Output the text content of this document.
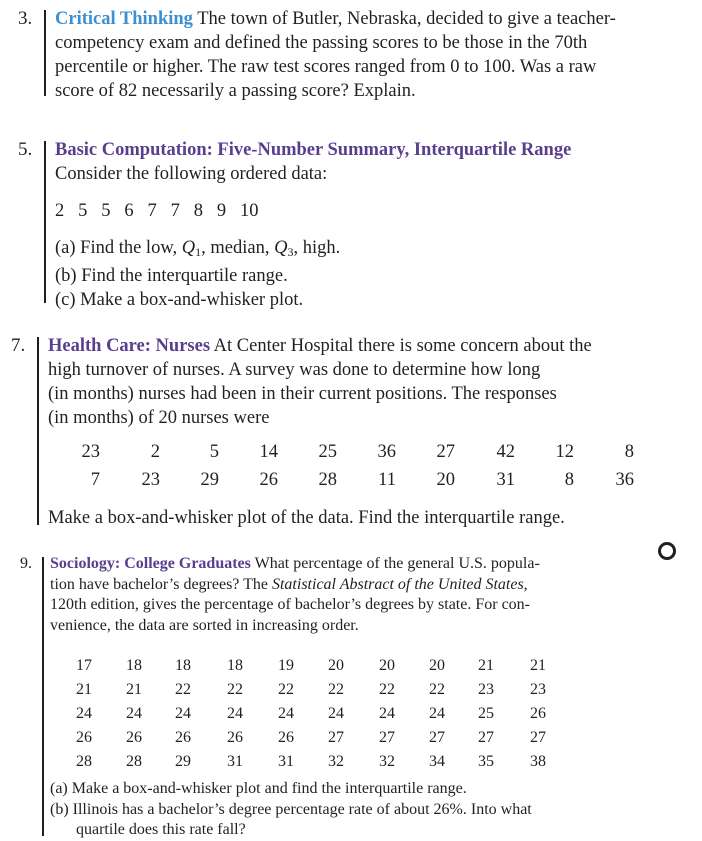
3. Critical Thinking The town of Butler, Nebraska, decided to give a teacher-
competency exam and defined the passing scores to be those in the 70th
percentile or higher. The raw test scores ranged from 0 to 100. Was a raw
score of 82 necessarily a passing score? Explain.
5. Basic Computation: Five-Number Summary, Interquartile Range
Consider the following ordered data:
2   5   5   6   7   7   8   9   10
(a) Find the low, $Q_1$, median, $Q_3$, high.
(b) Find the interquartile range.
(c) Make a box-and-whisker plot.
7. Health Care: Nurses At Center Hospital there is some concern about the
high turnover of nurses. A survey was done to determine how long
(in months) nurses had been in their current positions. The responses
(in months) of 20 nurses were
23	2	5	14	25	36	27	42	12	8
7	23	29	26	28	11	20	31	8	36
Make a box-and-whisker plot of the data. Find the interquartile range.
9. Sociology: College Graduates What percentage of the general U.S. popula-
tion have bachelor’s degrees? The Statistical Abstract of the United States,
120th edition, gives the percentage of bachelor’s degrees by state. For con-
venience, the data are sorted in increasing order.
17	18	18	18	19	20	20	20	21	21
21	21	22	22	22	22	22	22	23	23
24	24	24	24	24	24	24	24	25	26
26	26	26	26	26	27	27	27	27	27
28	28	29	31	31	32	32	34	35	38
(a) Make a box-and-whisker plot and find the interquartile range.
(b) Illinois has a bachelor’s degree percentage rate of about 26%. Into what
quartile does this rate fall?
